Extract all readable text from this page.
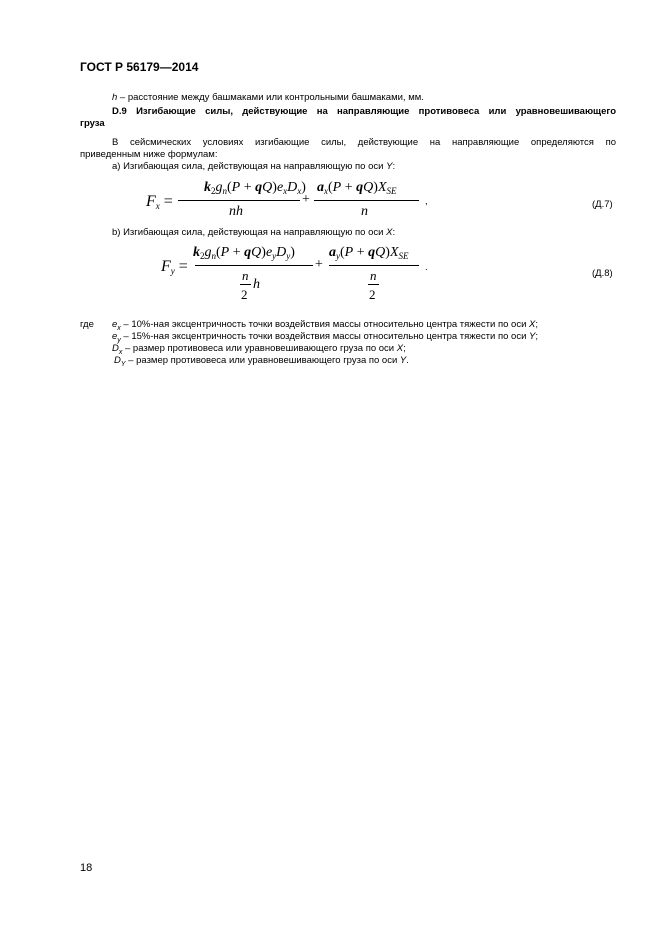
ГОСТ Р 56179—2014
h – расстояние между башмаками или контрольными башмаками, мм.
D.9 Изгибающие силы, действующие на направляющие противовеса или уравновешивающего
груза
В сейсмических условиях изгибающие силы, действующие на направляющие определяются по
приведенным ниже формулам:
а) Изгибающая сила, действующая на направляющую по оси Y:
$F_x$ =
$k_2g_n(P + qQ)e_xD_x$)
nh
+
$a_x(P + qQ)X_{SE}$
n
,	(Д.7)
b) Изгибающая сила, действующая на направляющую по оси X:
$F_y$ =
$k_2g_n(P + qQ)e_yD_y$)
n
2
h
+
$a_y(P + qQ)X_{SE}$
n
2
.
(Д.8)
где $e_x - 10\%-ная$ эксцентричность точки воздействия массы относительно центра тяжести по оси X;
$e_y - 15\%-ная$ эксцентричность точки воздействия массы относительно центра тяжести по оси Y;
$D_x$ – размер противовеса или уравновешивающего груза по оси X;
$D_Y$ – размер противовеса или уравновешивающего груза по оси Y.
18
